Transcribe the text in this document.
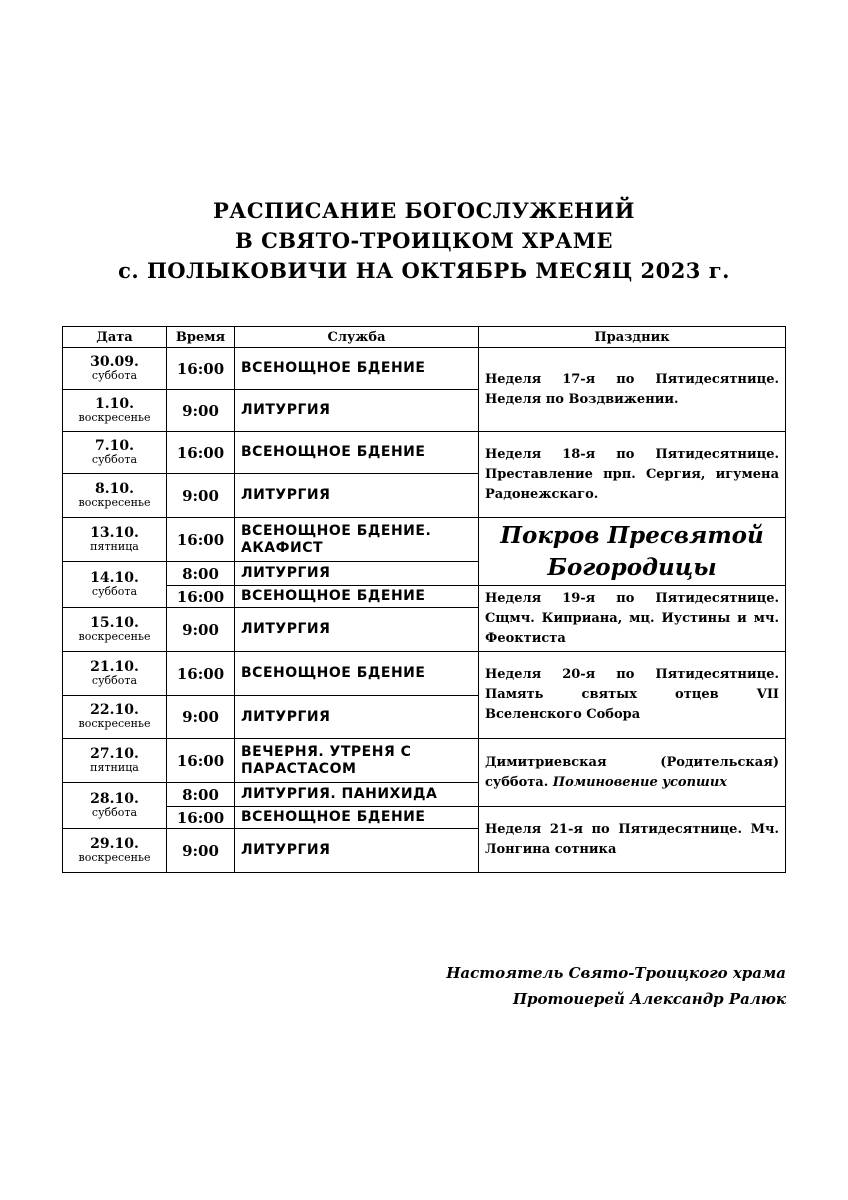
РАСПИСАНИЕ БОГОСЛУЖЕНИЙ
В СВЯТО-ТРОИЦКОМ ХРАМЕ
с. ПОЛЫКОВИЧИ НА ОКТЯБРЬ МЕСЯЦ 2023 г.
Дата	Время	Служба	Праздник

30.09.
суббота	16:00	ВСЕНОЩНОЕ БДЕНИЕ	Неделя 17-я по Пятидесятнице. Неделя по Воздвижении.

1.10.
воскресенье	9:00	ЛИТУРГИЯ	

7.10.
суббота	16:00	ВСЕНОЩНОЕ БДЕНИЕ	Неделя 18-я по Пятидесятнице. Преставление прп. Сергия, игумена Радонежскаго.

8.10.
воскресенье	9:00	ЛИТУРГИЯ	

13.10.
пятница	16:00	ВСЕНОЩНОЕ БДЕНИЕ. АКАФИСТ	Покров Пресвятой Богородицы

14.10.
суббота	8:00	ЛИТУРГИЯ	
	16:00	ВСЕНОЩНОЕ БДЕНИЕ	Неделя 19-я по Пятидесятнице. Сщмч. Киприана, мц. Иустины и мч. Феоктиста

15.10.
воскресенье	9:00	ЛИТУРГИЯ	

21.10.
суббота	16:00	ВСЕНОЩНОЕ БДЕНИЕ	Неделя 20-я по Пятидесятнице. Память святых отцев VII Вселенского Собора

22.10.
воскресенье	9:00	ЛИТУРГИЯ	

27.10.
пятница	16:00	ВЕЧЕРНЯ. УТРЕНЯ С ПАРАСТАСОМ	Димитриевская (Родительская) суббота. Поминовение усопших

28.10.
суббота	8:00	ЛИТУРГИЯ. ПАНИХИДА	
	16:00	ВСЕНОЩНОЕ БДЕНИЕ	Неделя 21-я по Пятидесятнице. Мч. Лонгина сотника

29.10.
воскресенье	9:00	ЛИТУРГИЯ	
Настоятель Свято-Троицкого храма
Протоиерей Александр Ралюк
